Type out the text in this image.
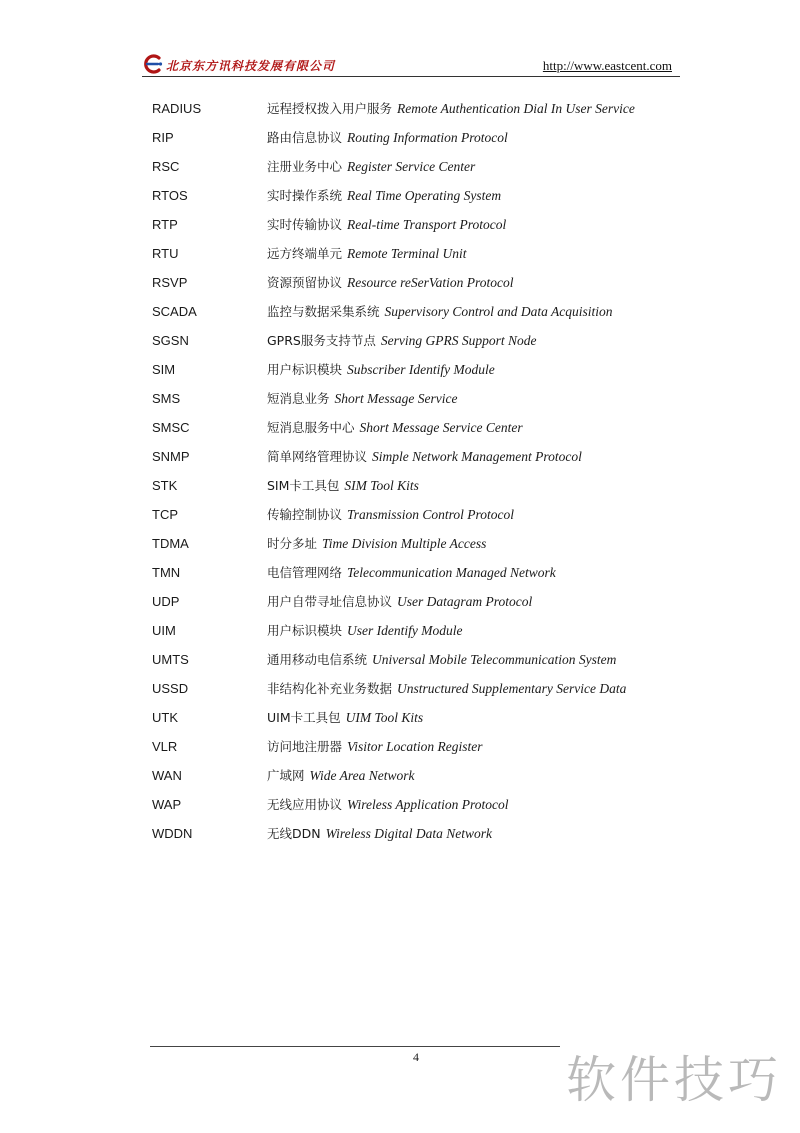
北京东方讯科技发展有限公司	http://www.eastcent.com
RADIUS	远程授权拨入用户服务 Remote Authentication Dial In User Service
RIP	路由信息协议 Routing Information Protocol
RSC	注册业务中心 Register Service Center
RTOS	实时操作系统 Real Time Operating System
RTP	实时传输协议 Real-time Transport Protocol
RTU	远方终端单元 Remote Terminal Unit
RSVP	资源预留协议 Resource reSerVation Protocol
SCADA	监控与数据采集系统 Supervisory Control and Data Acquisition
SGSN	GPRS服务支持节点 Serving GPRS Support Node
SIM	用户标识模块 Subscriber Identify Module
SMS	短消息业务 Short Message Service
SMSC	短消息服务中心 Short Message Service Center
SNMP	简单网络管理协议 Simple Network Management Protocol
STK	SIM卡工具包 SIM Tool Kits
TCP	传输控制协议 Transmission Control Protocol
TDMA	时分多址 Time Division Multiple Access
TMN	电信管理网络 Telecommunication Managed Network
UDP	用户自带寻址信息协议 User Datagram Protocol
UIM	用户标识模块 User Identify Module
UMTS	通用移动电信系统 Universal Mobile Telecommunication System
USSD	非结构化补充业务数据 Unstructured Supplementary Service Data
UTK	UIM卡工具包 UIM Tool Kits
VLR	访问地注册器 Visitor Location Register
WAN	广域网 Wide Area Network
WAP	无线应用协议 Wireless Application Protocol
WDDN	无线DDN Wireless Digital Data Network
4	软件技巧
